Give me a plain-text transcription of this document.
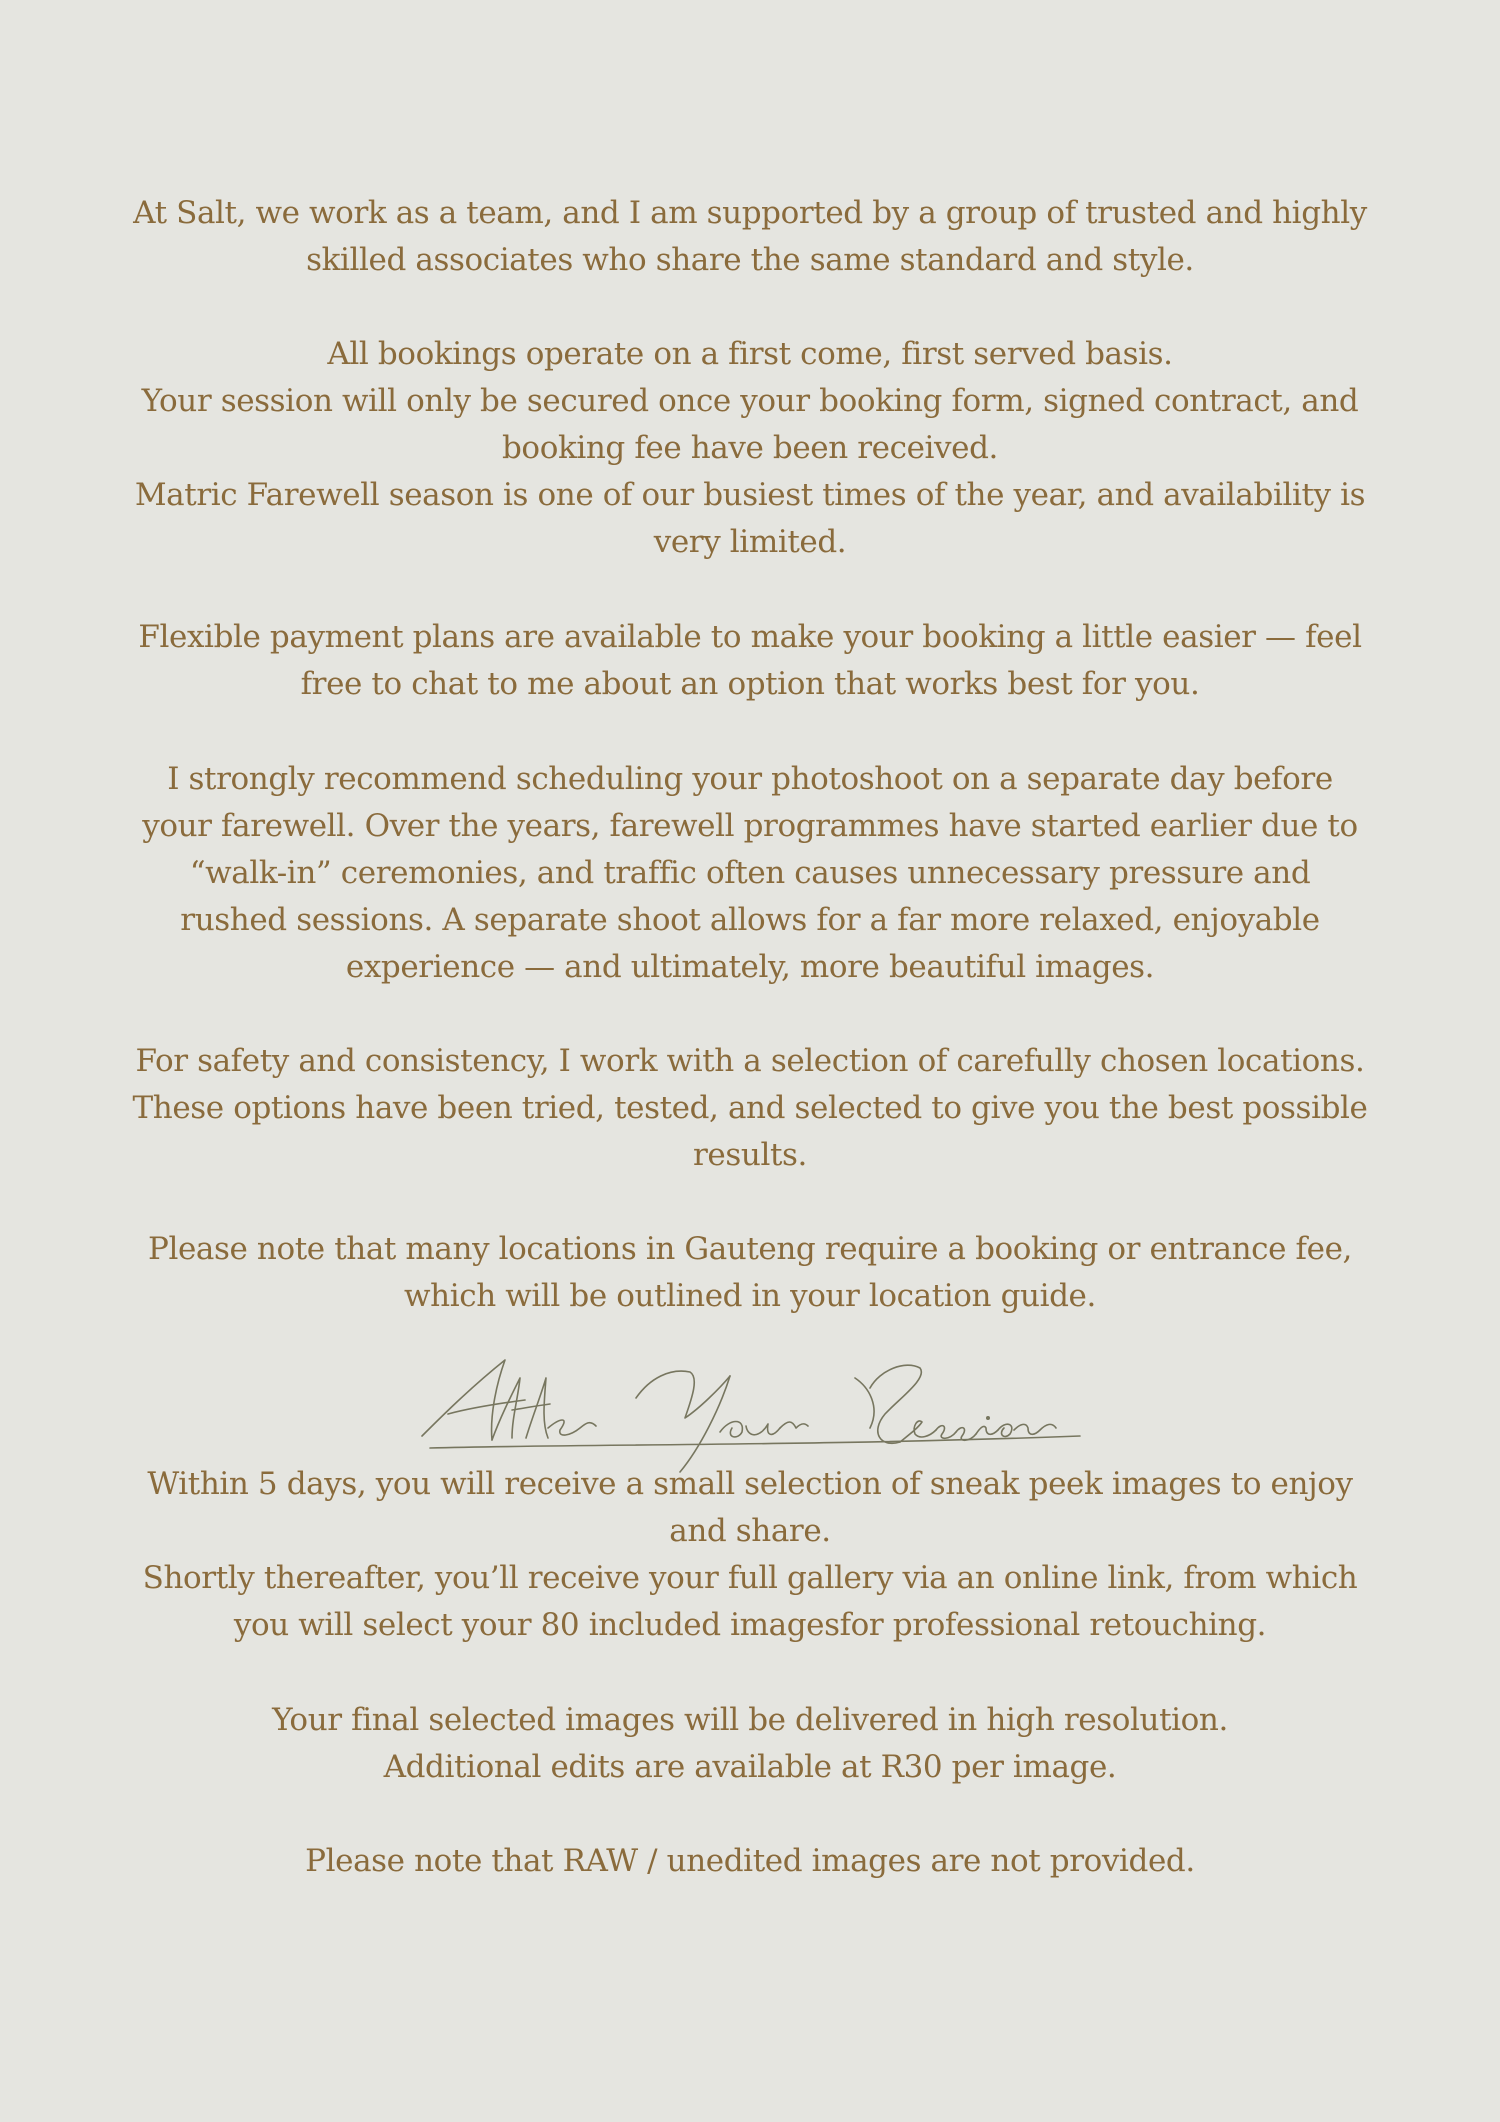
At Salt, we work as a team, and I am supported by a group of trusted and highly
skilled associates who share the same standard and style.

All bookings operate on a first come, first served basis.
Your session will only be secured once your booking form, signed contract, and
booking fee have been received.
Matric Farewell season is one of our busiest times of the year, and availability is
very limited.

Flexible payment plans are available to make your booking a little easier — feel
free to chat to me about an option that works best for you.

I strongly recommend scheduling your photoshoot on a separate day before
your farewell. Over the years, farewell programmes have started earlier due to
“walk-in” ceremonies, and traffic often causes unnecessary pressure and
rushed sessions. A separate shoot allows for a far more relaxed, enjoyable
experience — and ultimately, more beautiful images.

For safety and consistency, I work with a selection of carefully chosen locations.
These options have been tried, tested, and selected to give you the best possible
results.

Please note that many locations in Gauteng require a booking or entrance fee,
which will be outlined in your location guide.

Within 5 days, you will receive a small selection of sneak peek images to enjoy
and share.
Shortly thereafter, you’ll receive your full gallery via an online link, from which
you will select your 80 included imagesfor professional retouching.

Your final selected images will be delivered in high resolution.
Additional edits are available at R30 per image.

Please note that RAW / unedited images are not provided.
